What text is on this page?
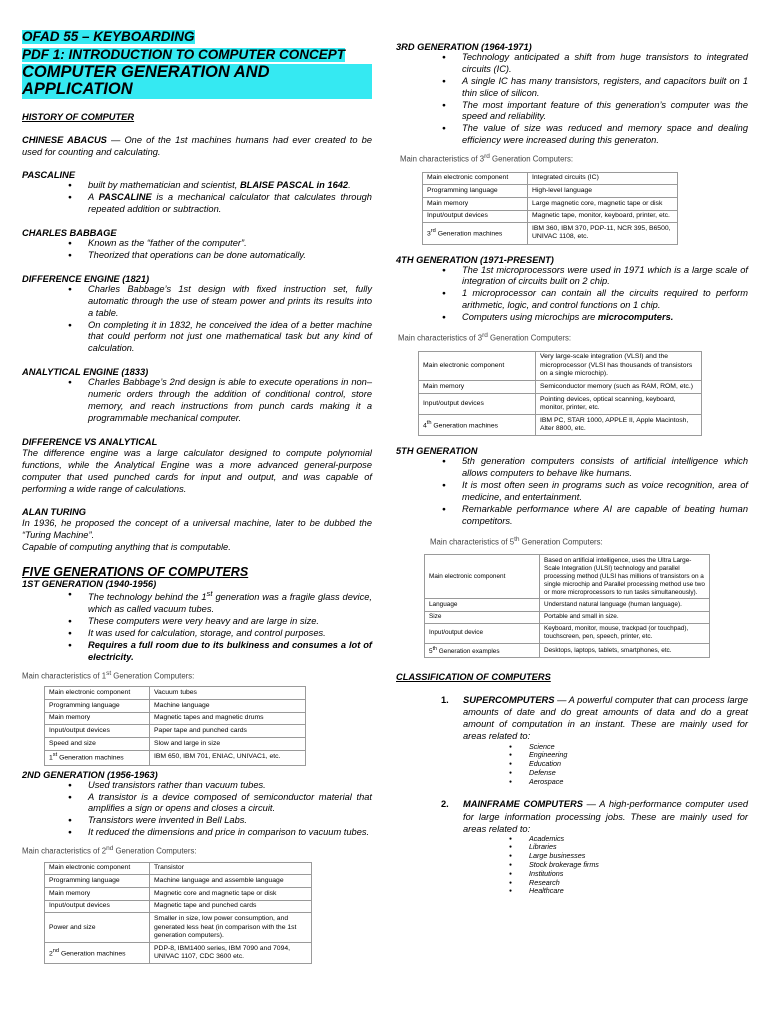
OFAD 55 – KEYBOARDING
PDF 1: INTRODUCTION TO COMPUTER CONCEPT
COMPUTER GENERATION AND APPLICATION

HISTORY OF COMPUTER

CHINESE ABACUS — One of the 1st machines humans had ever created to be used for counting and calculating.

PASCALINE

● built by mathematician and scientist, BLAISE PASCAL in 1642.
● A PASCALINE is a mechanical calculator that calculates through repeated addition or subtraction.

CHARLES BABBAGE

● Known as the “father of the computer”.
● Theorized that operations can be done automatically.

DIFFERENCE ENGINE (1821)

● Charles Babbage’s 1st design with fixed instruction set, fully automatic through the use of steam power and prints its results into a table.
● On completing it in 1832, he conceived the idea of a better machine that could perform not just one mathematical task but any kind of calculation.

ANALYTICAL ENGINE (1833)

● Charles Babbage’s 2nd design is able to execute operations in non–numeric orders through the addition of conditional control, store memory, and reach instructions from punch cards making it a programmable mechanical computer.

DIFFERENCE VS ANALYTICAL

The difference engine was a large calculator designed to compute polynomial functions, while the Analytical Engine was a more advanced general-purpose computer that used punched cards for input and output, and was capable of performing a wide range of calculations.

ALAN TURING

In 1936, he proposed the concept of a universal machine, later to be dubbed the “Turing Machine”.

Capable of computing anything that is computable.

FIVE GENERATIONS OF COMPUTERS

1ST GENERATION (1940-1956)

● The technology behind the 1st generation was a fragile glass device, which as called vacuum tubes.
● These computers were very heavy and are large in size.
● It was used for calculation, storage, and control purposes.
● Requires a full room due to its bulkiness and consumes a lot of electricity.

Main characteristics of 1st Generation Computers:

Main electronic component	Vacuum tubes
Programming language	Machine language
Main memory	Magnetic tapes and magnetic drums
Input/output devices	Paper tape and punched cards
Speed and size	Slow and large in size
1st Generation machines	IBM 650, IBM 701, ENIAC, UNIVAC1, etc.

2ND GENERATION (1956-1963)

● Used transistors rather than vacuum tubes.
● A transistor is a device composed of semiconductor material that amplifies a sign or opens and closes a circuit.
● Transistors were invented in Bell Labs.
● It reduced the dimensions and price in comparison to vacuum tubes.

Main characteristics of 2nd Generation Computers:

Main electronic component	Transistor
Programming language	Machine language and assemble language
Main memory	Magnetic core and magnetic tape or disk
Input/output devices	Magnetic tape and punched cards
Power and size	Smaller in size, low power consumption, and generated less heat (in comparison with the 1st generation computers).
2nd Generation machines	PDP-8, IBM1400 series, IBM 7090 and 7094, UNIVAC 1107, CDC 3600 etc.

3RD GENERATION (1964-1971)

● Technology anticipated a shift from huge transistors to integrated circuits (IC).
● A single IC has many transistors, registers, and capacitors built on 1 thin slice of silicon.
● The most important feature of this generation’s computer was the speed and reliability.
● The value of size was reduced and memory space and dealing efficiency were increased during this generaton.

Main characteristics of 3rd Generation Computers:

Main electronic component	Integrated circuits (IC)
Programming language	High-level language
Main memory	Large magnetic core, magnetic tape or disk
Input/output devices	Magnetic tape, monitor, keyboard, printer, etc.
3rd Generation machines	IBM 360, IBM 370, PDP-11, NCR 395, B6500, UNIVAC 1108, etc.

4TH GENERATION (1971-PRESENT)

● The 1st microprocessors were used in 1971 which is a large scale of integration of circuits built on 2 chip.
● 1 microprocessor can contain all the circuits required to perform arithmetic, logic, and control functions on 1 chip.
● Computers using microchips are microcomputers.

Main characteristics of 3rd Generation Computers:

Main electronic component	Very large-scale integration (VLSI) and the microprocessor (VLSI has thousands of transistors on a single microchip).
Main memory	Semiconductor memory (such as RAM, ROM, etc.)
Input/output devices	Pointing devices, optical scanning, keyboard, monitor, printer, etc.
4th Generation machines	IBM PC, STAR 1000, APPLE II, Apple Macintosh, Alter 8800, etc.

5TH GENERATION

● 5th generation computers consists of artificial intelligence which allows computers to behave like humans.
● It is most often seen in programs such as voice recognition, area of medicine, and entertainment.
● Remarkable performance where AI are capable of beating human competitors.

Main characteristics of 5th Generation Computers:

Main electronic component	Based on artificial intelligence, uses the Ultra Large-Scale Integration (ULSI) technology and parallel processing method (ULSI has millions of transistors on a single microchip and Parallel processing method use two or more microprocessors to run tasks simultaneously).
Language	Understand natural language (human language).
Size	Portable and small in size.
Input/output device	Keyboard, monitor, mouse, trackpad (or touchpad), touchscreen, pen, speech, printer, etc.
5th Generation examples	Desktops, laptops, tablets, smartphones, etc.

CLASSIFICATION OF COMPUTERS

1. SUPERCOMPUTERS — A powerful computer that can process large amounts of date and do great amounts of data and do a great amount of computation in an instant. These are mainly used for areas related to:
● Science
● Engineering
● Education
● Defense
● Aerospace
2. MAINFRAME COMPUTERS — A high-performance computer used for large information processing jobs. These are mainly used for areas related to:
● Academics
● Libraries
● Large businesses
● Stock brokerage firms
● Institutions
● Research
● Healthcare
